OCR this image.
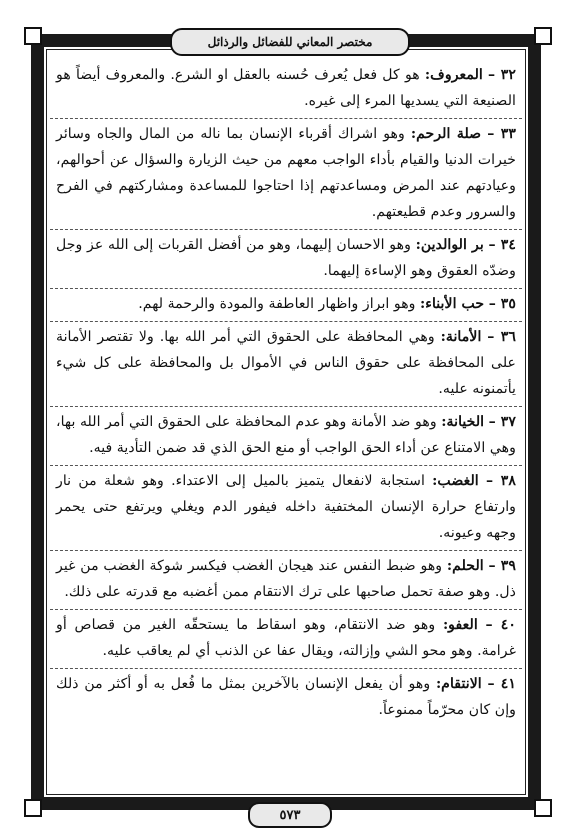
مختصر المعاني للفضائل والرذائل
٣٢ – المعروف: هو كل فعل يُعرف حُسنه بالعقل او الشرع. والمعروف أيضاً هو الصنيعة التي يسديها المرء إلى غيره.
٣٣ – صلة الرحم: وهو اشراك أقرباء الإنسان بما ناله من المال والجاه وسائر خيرات الدنيا والقيام بأداء الواجب معهم من حيث الزيارة والسؤال عن أحوالهم، وعيادتهم عند المرض ومساعدتهم إذا احتاجوا للمساعدة ومشاركتهم في الفرح والسرور وعدم قطيعتهم.
٣٤ – بر الوالدين: وهو الاحسان إليهما، وهو من أفضل القربات إلى الله عز وجل وضدّه العقوق وهو الإساءة إليهما.
٣٥ – حب الأبناء: وهو ابراز واظهار العاطفة والمودة والرحمة لهم.
٣٦ – الأمانة: وهي المحافظة على الحقوق التي أمر الله بها. ولا تقتصر الأمانة على المحافظة على حقوق الناس في الأموال بل والمحافظة على كل شيء يأتمنونه عليه.
٣٧ – الخيانة: وهو ضد الأمانة وهو عدم المحافظة على الحقوق التي أمر الله بها، وهي الامتناع عن أداء الحق الواجب أو منع الحق الذي قد ضمن التأدية فيه.
٣٨ – الغضب: استجابة لانفعال يتميز بالميل إلى الاعتداء. وهو شعلة من نار وارتفاع حرارة الإنسان المختفية داخله فيفور الدم ويغلي ويرتفع حتى يحمر وجهه وعيونه.
٣٩ – الحلم: وهو ضبط النفس عند هيجان الغضب فيكسر شوكة الغضب من غير ذل. وهو صفة تحمل صاحبها على ترك الانتقام ممن أغضبه مع قدرته على ذلك.
٤٠ – العفو: وهو ضد الانتقام، وهو اسقاط ما يستحقّه الغير من قصاص أو غرامة. وهو محو الشي وإزالته، ويقال عفا عن الذنب أي لم يعاقب عليه.
٤١ – الانتقام: وهو أن يفعل الإنسان بالآخرين بمثل ما فُعل به أو أكثر من ذلك وإن كان محرّماً ممنوعاً.
٥٧٣
